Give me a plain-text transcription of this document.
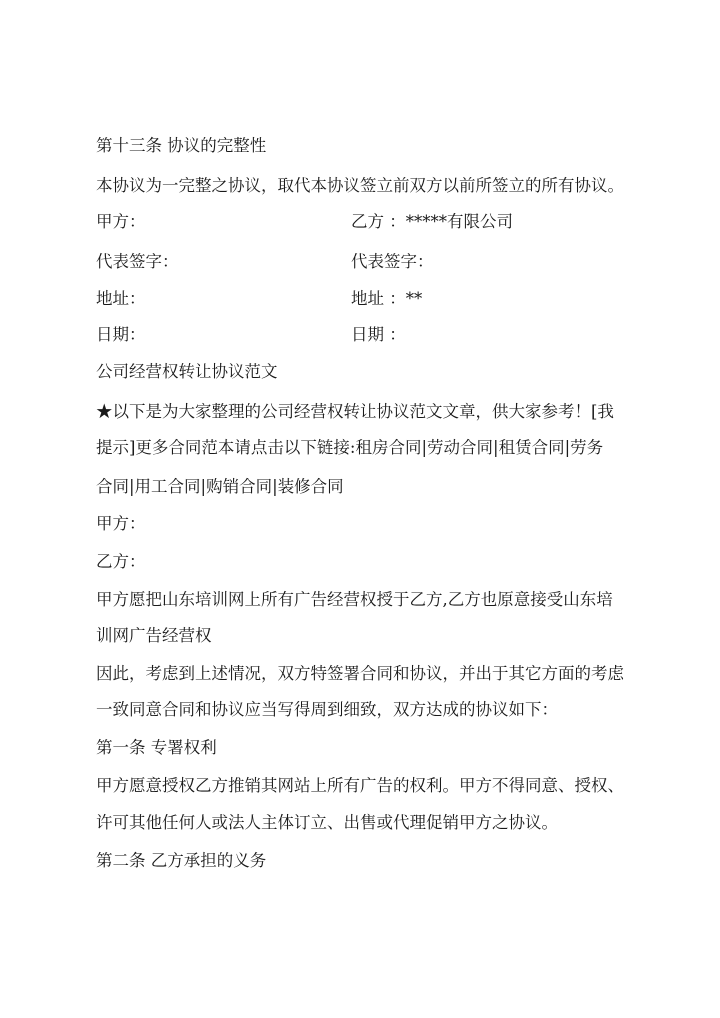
第十三条 协议的完整性
本协议为一完整之协议，取代本协议签立前双方以前所签立的所有协议。
甲方：	乙方 ：*****有限公司
代表签字：	代表签字：
地址：	地址 ：**
日期：	日期 ：
公司经营权转让协议范文
★以下是为大家整理的公司经营权转让协议范文文章，供大家参考！[我
提示]更多合同范本请点击以下链接:租房合同|劳动合同|租赁合同|劳务
合同|用工合同|购销合同|装修合同
甲方：
乙方：
甲方愿把山东培训网上所有广告经营权授于乙方,乙方也原意接受山东培
训网广告经营权
因此，考虑到上述情况，双方特签署合同和协议，并出于其它方面的考虑
一致同意合同和协议应当写得周到细致，双方达成的协议如下：
第一条 专署权利
甲方愿意授权乙方推销其网站上所有广告的权利。甲方不得同意、授权、
许可其他任何人或法人主体订立、出售或代理促销甲方之协议。
第二条 乙方承担的义务
